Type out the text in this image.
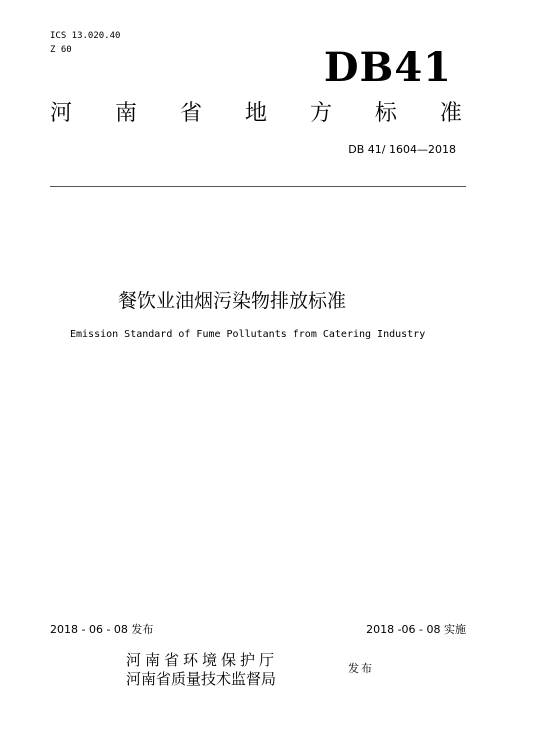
ICS 13.020.40
Z 60	DB41
河 南 省 地 方 标 准
DB 41/ 1604—2018
餐饮业油烟污染物排放标准
Emission Standard of Fume Pollutants from Catering Industry
2018 - 06 - 08 发布	2018 -06 - 08 实施
河南省环境保护厅
河南省质量技术监督局
发布
